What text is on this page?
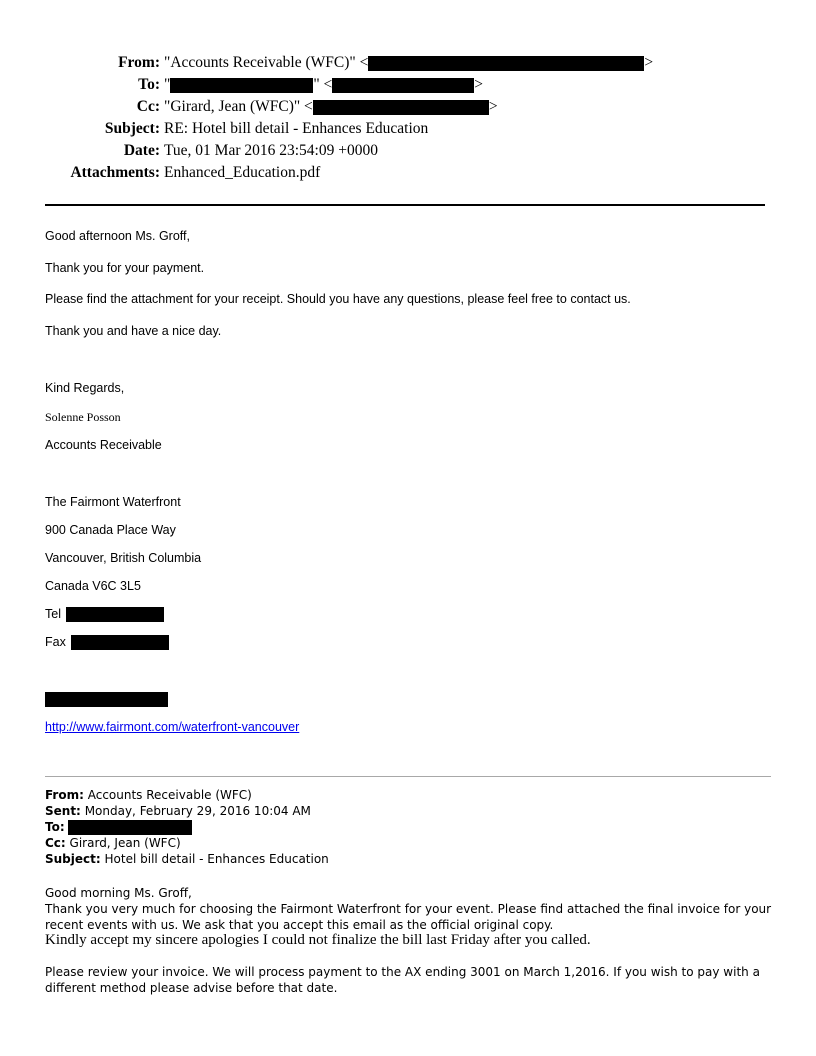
From: "Accounts Receivable (WFC)" <	>
To: "	" <	>
Cc: "Girard, Jean (WFC)" <	>
Subject: RE: Hotel bill detail - Enhances Education
Date: Tue, 01 Mar 2016 23:54:09 +0000
Attachments: Enhanced_Education.pdf
Good afternoon Ms. Groff,
Thank you for your payment.
Please find the attachment for your receipt. Should you have any questions, please feel free to contact us.
Thank you and have a nice day.
Kind Regards,
Solenne Posson
Accounts Receivable
The Fairmont Waterfront
900 Canada Place Way
Vancouver, British Columbia
Canada V6C 3L5
Tel
Fax
http://www.fairmont.com/waterfront-vancouver
From: Accounts Receivable (WFC)
Sent: Monday, February 29, 2016 10:04 AM
To:
Cc: Girard, Jean (WFC)
Subject: Hotel bill detail - Enhances Education
Good morning Ms. Groff,
Thank you very much for choosing the Fairmont Waterfront for your event. Please find attached the final invoice for your recent events with us. We ask that you accept this email as the official original copy.
Kindly accept my sincere apologies I could not finalize the bill last Friday after you called.
Please review your invoice. We will process payment to the AX ending 3001 on March 1,2016. If you wish to pay with a different method please advise before that date.
